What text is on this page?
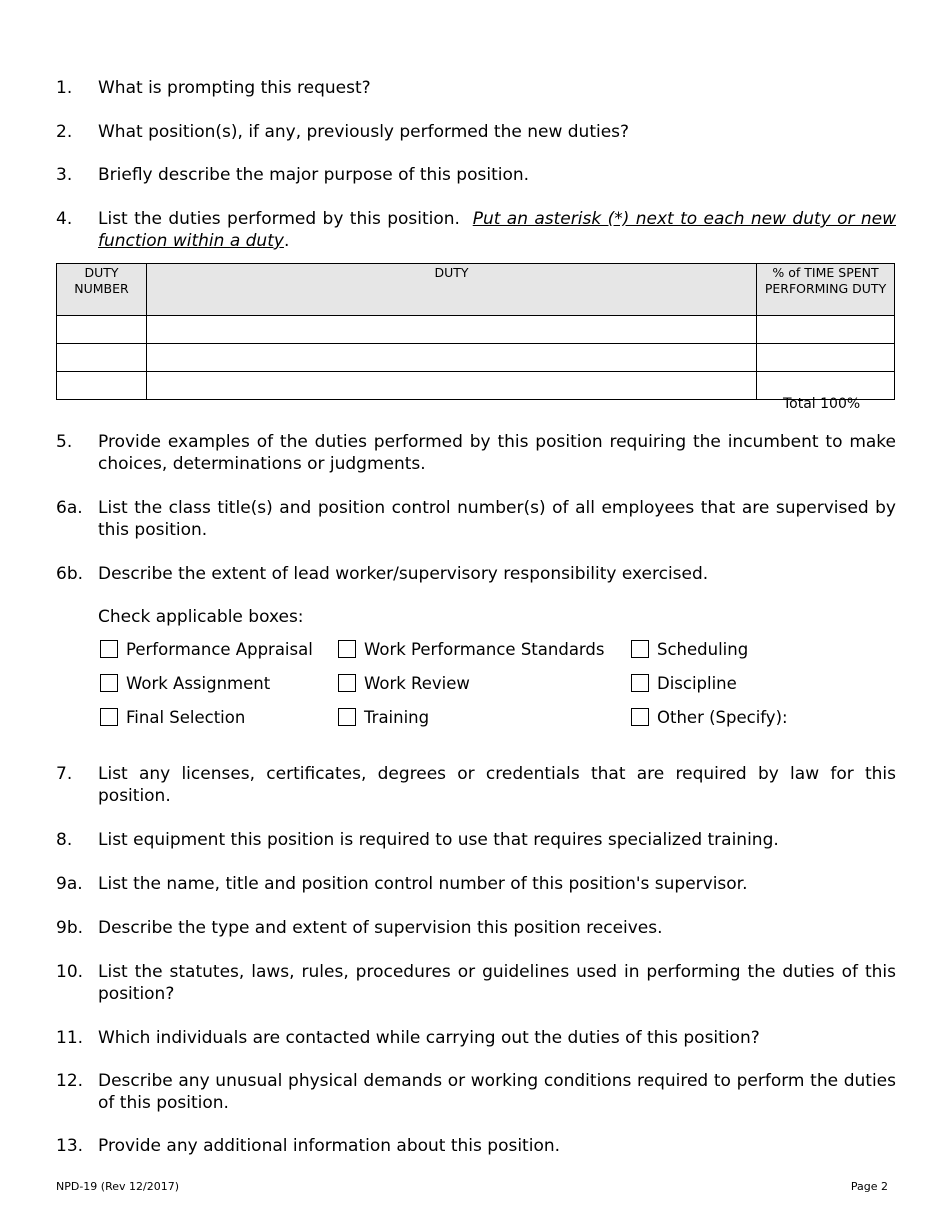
1.	What is prompting this request?
2.	What position(s), if any, previously performed the new duties?
3.	Briefly describe the major purpose of this position.
4.	List the duties performed by this position. Put an asterisk (*) next to each new duty or new function within a duty.
DUTY NUMBER	DUTY	% of TIME SPENT PERFORMING DUTY

Total 100%
5.	Provide examples of the duties performed by this position requiring the incumbent to make choices, determinations or judgments.
6a. List the class title(s) and position control number(s) of all employees that are supervised by this position.
6b. Describe the extent of lead worker/supervisory responsibility exercised.
Check applicable boxes:
Performance Appraisal	Work Performance Standards	Scheduling
Work Assignment	Work Review	Discipline
Final Selection	Training	Other (Specify):
7.	List any licenses, certificates, degrees or credentials that are required by law for this position.
8.	List equipment this position is required to use that requires specialized training.
9a. List the name, title and position control number of this position's supervisor.
9b. Describe the type and extent of supervision this position receives.
10. List the statutes, laws, rules, procedures or guidelines used in performing the duties of this position?
11. Which individuals are contacted while carrying out the duties of this position?
12. Describe any unusual physical demands or working conditions required to perform the duties of this position.
13. Provide any additional information about this position.
NPD-19 (Rev 12/2017)	Page 2
